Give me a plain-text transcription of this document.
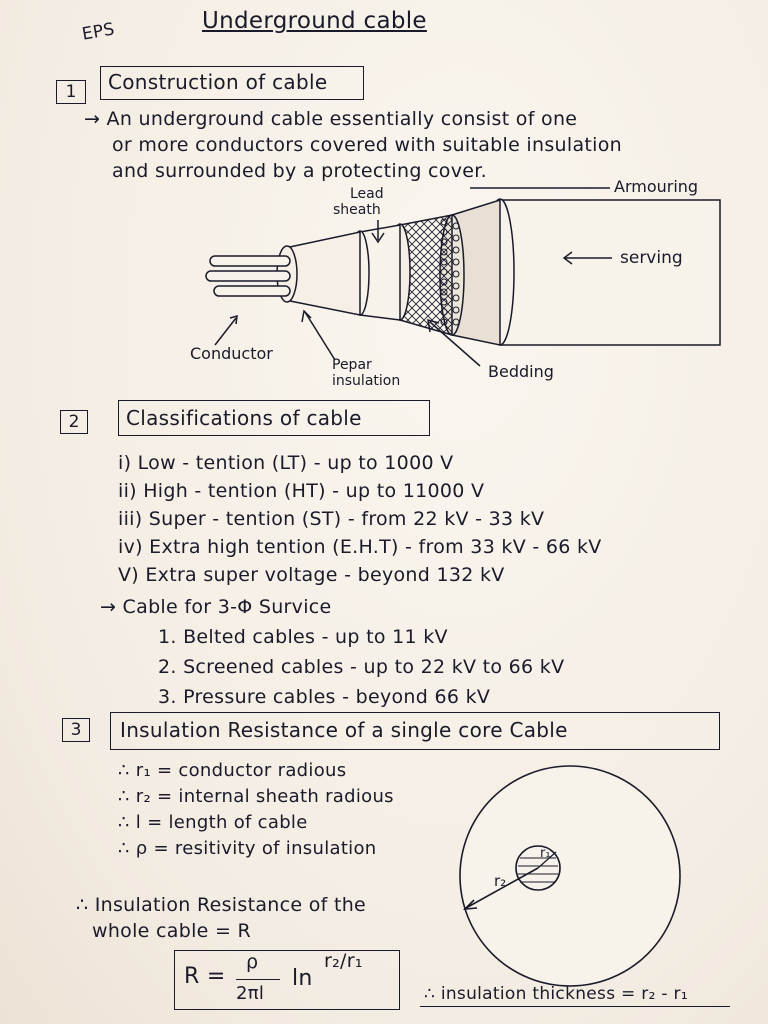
EPS	Underground cable
1	Construction of cable
→ An underground cable essentially consist of one
or more conductors covered with suitable insulation
and surrounded by a protecting cover.
Lead
sheath
Armouring
serving
Conductor
Pepar
insulation	Bedding
2	Classifications of cable
i) Low - tention (LT) - up to 1000 V
ii) High - tention (HT) - up to 11000 V
iii) Super - tention (ST) - from 22 kV - 33 kV
iv) Extra high tention (E.H.T) - from 33 kV - 66 kV
V) Extra super voltage - beyond 132 kV
→ Cable for 3-Φ Survice
1. Belted cables - up to 11 kV
2. Screened cables - up to 22 kV to 66 kV
3. Pressure cables - beyond 66 kV
3	Insulation Resistance of a single core Cable
∴ r₁ = conductor radious
∴ r₂ = internal sheath radious
∴ l = length of cable
∴ ρ = resitivity of insulation
∴ Insulation Resistance of the
whole cable = R
R =
ρ
2πl
ln
r₂/r₁
r₁
r₂
∴ insulation thickness = r₂ - r₁
